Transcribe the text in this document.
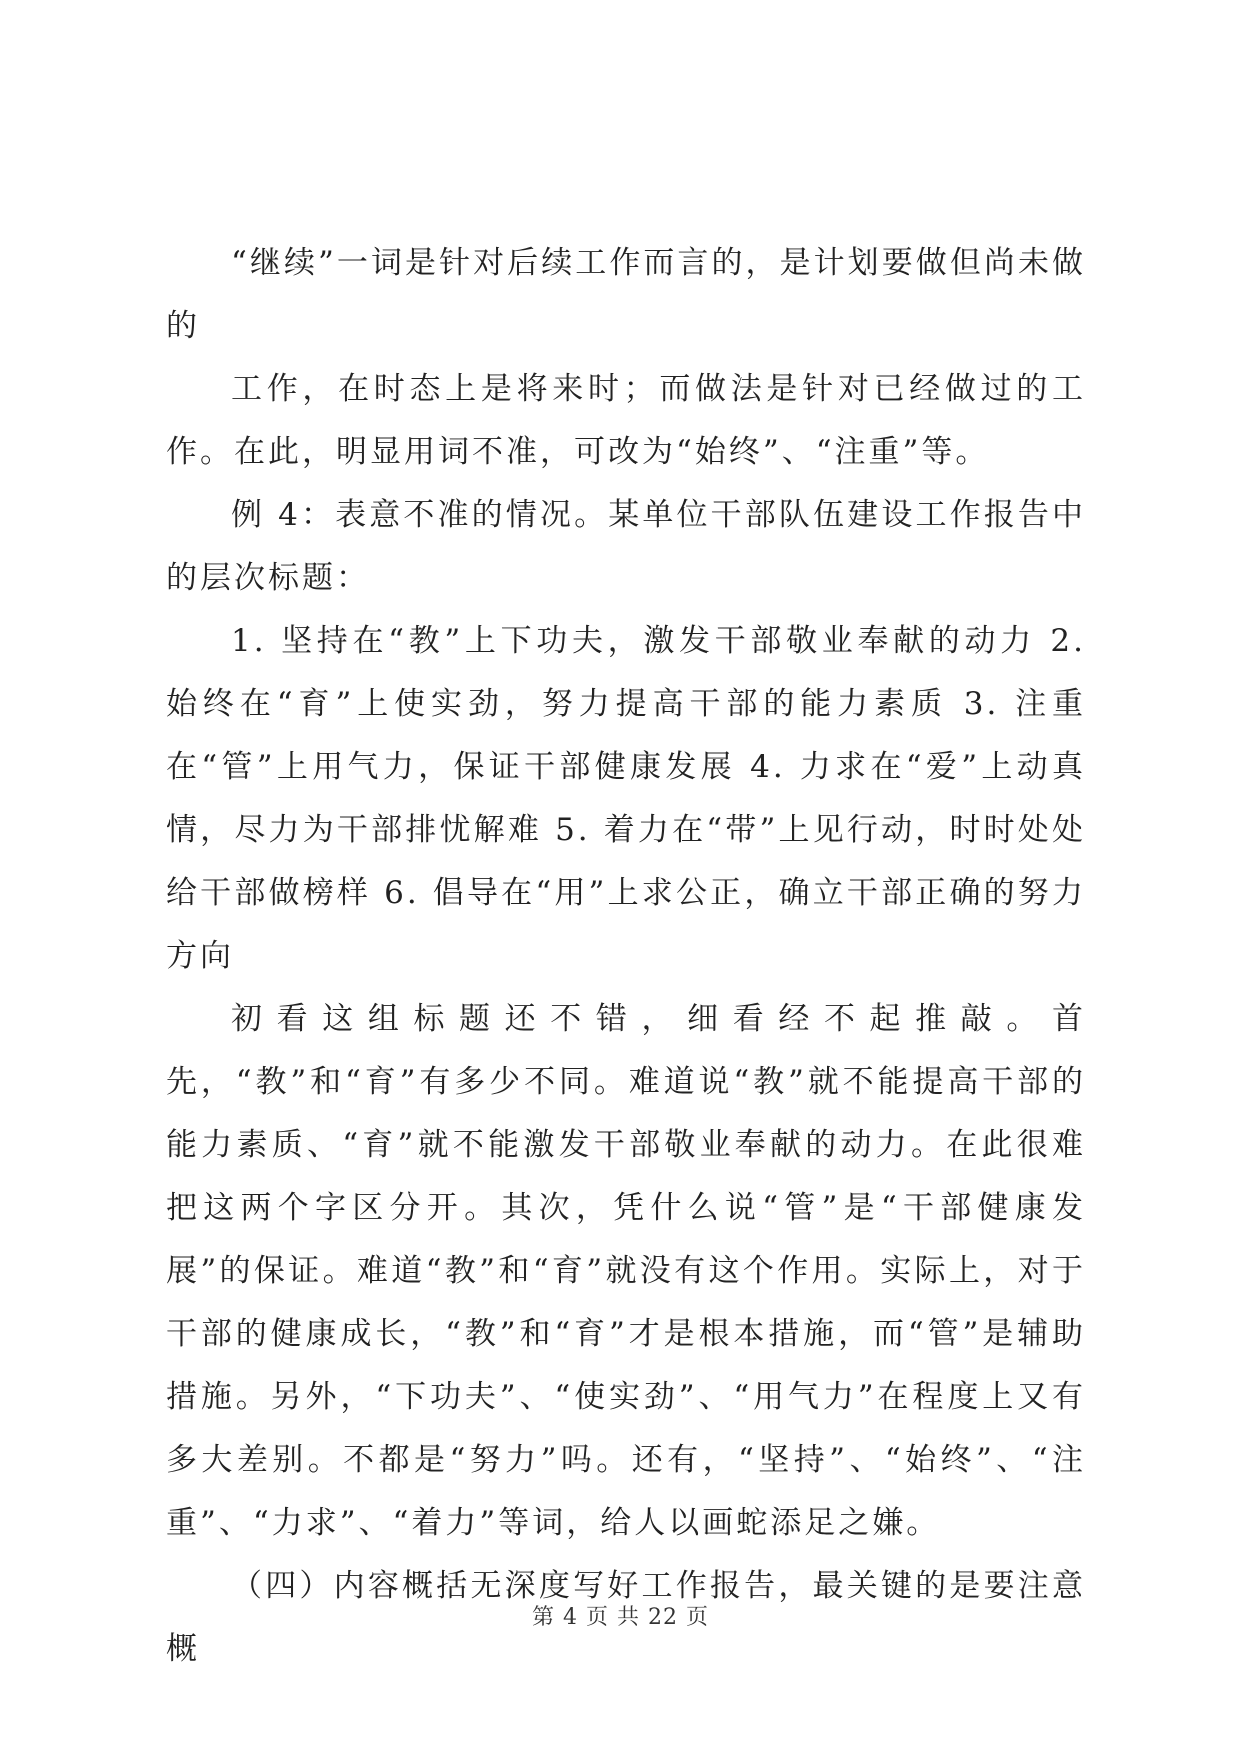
“继续”一词是针对后续工作而言的，是计划要做但尚未做的

工作，在时态上是将来时；而做法是针对已经做过的工作。在此，明显用词不准，可改为“始终”、“注重”等。

例 4：表意不准的情况。某单位干部队伍建设工作报告中的层次标题：

1. 坚持在“教”上下功夫，激发干部敬业奉献的动力 2. 始终在“育”上使实劲，努力提高干部的能力素质 3. 注重在“管”上用气力，保证干部健康发展 4. 力求在“爱”上动真情，尽力为干部排忧解难 5. 着力在“带”上见行动，时时处处给干部做榜样 6. 倡导在“用”上求公正，确立干部正确的努力方向

初看这组标题还不错，细看经不起推敲。首先，“教”和“育”有多少不同。难道说“教”就不能提高干部的能力素质、“育”就不能激发干部敬业奉献的动力。在此很难把这两个字区分开。其次，凭什么说“管”是“干部健康发展”的保证。难道“教”和“育”就没有这个作用。实际上，对于干部的健康成长，“教”和“育”才是根本措施，而“管”是辅助措施。另外，“下功夫”、“使实劲”、“用气力”在程度上又有多大差别。不都是“努力”吗。还有，“坚持”、“始终”、“注重”、“力求”、“着力”等词，给人以画蛇添足之嫌。

（四）内容概括无深度写好工作报告，最关键的是要注意概

第 4 页 共 22 页
